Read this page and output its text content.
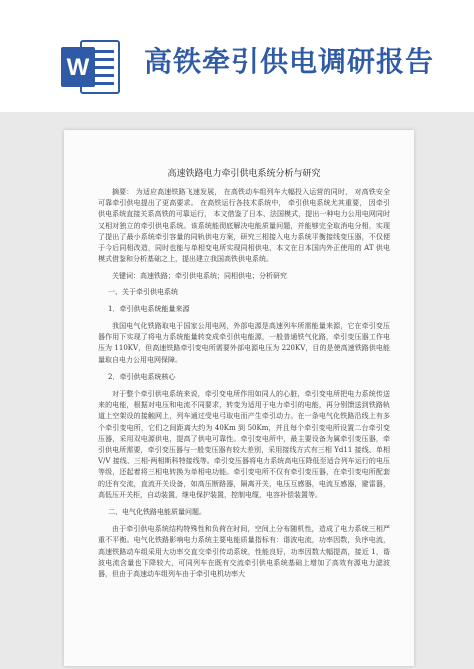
W 高铁牵引供电调研报告
高速铁路电力牵引供电系统分析与研究

摘要： 为适应高速铁路飞速发展， 在高铁动车组列车大幅投入运营的同时， 对高铁安全可靠牵引供电提出了更高要求。 在高铁运行各技术系统中， 牵引供电系统尤其重要， 因牵引供电系统直接关系高铁的可靠运行， 本文借鉴了日本、法国模式，提出一种电力公用电网同时又相对独立的牵引供电系统。该系统能彻底解决电能质量问题，并能够完全取消电分相，实现了提出了最小系统牵引容量的同轨供电方案，研究三相接入电力系统平衡接线变压器，不仅便于今后同相改造，同时也能与单相变电所实现同相供电，本文在日本国内外正使用的 AT 供电模式借鉴和分析基础之上，提出建立我国高铁供电系统。

关键词：高速铁路；牵引供电系统；同相供电；分析研究

一、关于牵引供电系统

1．牵引供电系统能量来源

我国电气化铁路取电于国家公用电网，外部电源是高速列车所需能量来源，它在牵引变压器作用下实现了将电力系统能量转变成牵引供电能源，一般普通铁气化路，牵引变压器工作电压为 110KV，但高速铁路牵引变电所需要外部电源电压为 220KV，目的是使高速铁路供电能量取自电力公用电网保障。

2．牵引供电系统核心

对于整个牵引供电系统来说，牵引变电所作用如同人的心脏，牵引变电所把电力系统传送来的电能，根据对电压和电流不同要求，转变为适用于电力牵引的电能，再分别馈送到铁路轨道上空架设的接触网上，列车通过受电弓取电而产生牵引动力。在一条电气化铁路沿线上有多个牵引变电所，它们之间距离大约为 40Km 到 50Km，并且每个牵引变电所设置二台牵引变压器，采用双电源供电，提高了供电可靠性。牵引变电所中，最主要设备为属牵引变压器，牵引供电所需要，牵引变压器与一般变压器有较大差别，采用接线方式有三相 Yd11 接线、单相 V/V 接线、三相-两相斯科特接线等。牵引变压器将电力系统高电压降低至适合列车运行的电压等级，还起着将三相电转换为单相电功能。牵引变电所不仅有牵引变压器，在牵引变电所配套的还有交流，直流开关设备，如高压断路器，隔离开关，电压互感器，电流互感器，避雷器，高低压开关柜，自动装置，继电保护装置，控制电缆，电容补偿装置等。

二、电气化铁路电能质量问题。

由于牵引供电系统结构特殊性和负荷在时间，空间上分布随机性，造成了电力系统三相严重不平衡。电气化铁路影响电力系统主要电能质量指标有：谐波电流，功率因数，负序电流，高速铁路动车组采用大功率交直交牵引传动系统，性能良好，功率因数大幅提高，接近 1，谐波电流含量也下降较大，可同列车在既有交流牵引供电系统基础上增加了高效有源电力滤波器，但由于高速动车组列车由于牵引电机功率大
